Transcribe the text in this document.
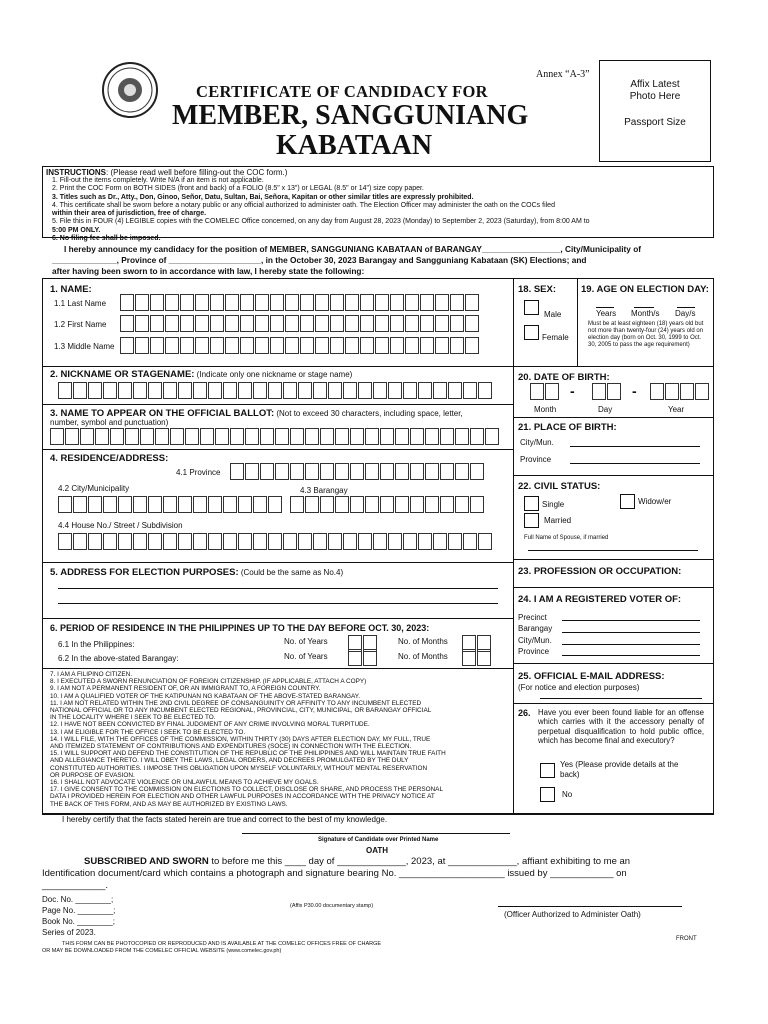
Annex “A-3”
CERTIFICATE OF CANDIDACY FOR
MEMBER, SANGGUNIANG
KABATAAN
Affix Latest
Photo Here
Passport Size
INSTRUCTIONS: (Please read well before filling-out the COC form.)
1. Fill-out the items completely. Write N/A if an item is not applicable.
2. Print the COC Form on BOTH SIDES (front and back) of a FOLIO (8.5" x 13") or LEGAL (8.5" or 14") size copy paper.
3. Titles such as Dr., Atty., Don, Ginoo, Señor, Datu, Sultan, Bai, Señora, Kapitan or other similar titles are expressly prohibited.
4. This certificate shall be sworn before a notary public or any official authorized to administer oath. The Election Officer may administer the oath on the COCs filed
within their area of jurisdiction, free of charge.
5. File this in FOUR (4) LEGIBLE copies with the COMELEC Office concerned, on any day from August 28, 2023 (Monday) to September 2, 2023 (Saturday), from 8:00 AM to
5:00 PM ONLY.
6. No filing fee shall be imposed.
I hereby announce my candidacy for the position of MEMBER, SANGGUNIANG KABATAAN of BARANGAY_________________, City/Municipality of
______________, Province of ____________________, in the October 30, 2023 Barangay and Sangguniang Kabataan (SK) Elections; and
after having been sworn to in accordance with law, I hereby state the following:
1. NAME:
1.1 Last Name
1.2 First Name
1.3 Middle Name
2. NICKNAME OR STAGENAME: (Indicate only one nickname or stage name)
3. NAME TO APPEAR ON THE OFFICIAL BALLOT: (Not to exceed 30 characters, including space, letter,
number, symbol and punctuation)
4. RESIDENCE/ADDRESS:
4.1 Province
4.2 City/Municipality	4.3 Barangay
4.4 House No./ Street / Subdivision
5. ADDRESS FOR ELECTION PURPOSES: (Could be the same as No.4)
6. PERIOD OF RESIDENCE IN THE PHILIPPINES UP TO THE DAY BEFORE OCT. 30, 2023:
6.1 In the Philippines:	No. of Years	No. of Months
6.2 In the above-stated Barangay:	No. of Years	No. of Months
7. I AM A FILIPINO CITIZEN.
8. I EXECUTED A SWORN RENUNCIATION OF FOREIGN CITIZENSHIP. (IF APPLICABLE, ATTACH A COPY)
9. I AM NOT A PERMANENT RESIDENT OF, OR AN IMMIGRANT TO, A FOREIGN COUNTRY.
10. I AM A QUALIFIED VOTER OF THE KATIPUNAN NG KABATAAN OF THE ABOVE-STATED BARANGAY.
11. I AM NOT RELATED WITHIN THE 2ND CIVIL DEGREE OF CONSANGUINITY OR AFFINITY TO ANY INCUMBENT ELECTED
NATIONAL OFFICIAL OR TO ANY INCUMBENT ELECTED REGIONAL, PROVINCIAL, CITY, MUNICIPAL, OR BARANGAY OFFICIAL
IN THE LOCALITY WHERE I SEEK TO BE ELECTED TO.
12. I HAVE NOT BEEN CONVICTED BY FINAL JUDGMENT OF ANY CRIME INVOLVING MORAL TURPITUDE.
13. I AM ELIGIBLE FOR THE OFFICE I SEEK TO BE ELECTED TO.
14. I WILL FILE, WITH THE OFFICES OF THE COMMISSION, WITHIN THIRTY (30) DAYS AFTER ELECTION DAY, MY FULL, TRUE
AND ITEMIZED STATEMENT OF CONTRIBUTIONS AND EXPENDITURES (SOCE) IN CONNECTION WITH THE ELECTION.
15. I WILL SUPPORT AND DEFEND THE CONSTITUTION OF THE REPUBLIC OF THE PHILIPPINES AND WILL MAINTAIN TRUE FAITH
AND ALLEGIANCE THERETO. I WILL OBEY THE LAWS, LEGAL ORDERS, AND DECREES PROMULGATED BY THE DULY
CONSTITUTED AUTHORITIES. I IMPOSE THIS OBLIGATION UPON MYSELF VOLUNTARILY, WITHOUT MENTAL RESERVATION
OR PURPOSE OF EVASION.
16. I SHALL NOT ADVOCATE VIOLENCE OR UNLAWFUL MEANS TO ACHIEVE MY GOALS.
17. I GIVE CONSENT TO THE COMMISSION ON ELECTIONS TO COLLECT, DISCLOSE OR SHARE, AND PROCESS THE PERSONAL
DATA I PROVIDED HEREIN FOR ELECTION AND OTHER LAWFUL PURPOSES IN ACCORDANCE WITH THE PRIVACY NOTICE AT
THE BACK OF THIS FORM, AND AS MAY BE AUTHORIZED BY EXISTING LAWS.
18. SEX:
Male
Female
19. AGE ON ELECTION DAY:
Years Month/s Day/s
Must be at least eighteen (18) years old but not more than twenty-four (24) years old on election day (born on Oct. 30, 1999 to Oct. 30, 2005 to pass the age requirement)
20. DATE OF BIRTH:
-	-
Month	Day	Year
21. PLACE OF BIRTH:
City/Mun.
Province
22. CIVIL STATUS:
Single	Widow/er
Married
Full Name of Spouse, if married
23. PROFESSION OR OCCUPATION:
24. I AM A REGISTERED VOTER OF:
Precinct
Barangay
City/Mun.
Province
25. OFFICIAL E-MAIL ADDRESS:
(For notice and election purposes)
26. Have you ever been found liable for an offense which carries with it the accessory penalty of perpetual disqualification to hold public office, which has become final and executory?
Yes (Please provide details at the back)
No
I hereby certify that the facts stated herein are true and correct to the best of my knowledge.
Signature of Candidate over Printed Name
OATH
SUBSCRIBED AND SWORN to before me this ____ day of _____________, 2023, at _____________, affiant exhibiting to me an
Identification document/card which contains a photograph and signature bearing No. ____________________ issued by ____________ on
____________.
Doc. No. ________;
Page No. ________;
Book No. ________;
Series of 2023.
(Affix P30.00 documentary stamp)
(Officer Authorized to Administer Oath)
THIS FORM CAN BE PHOTOCOPIED OR REPRODUCED AND IS AVAILABLE AT THE COMELEC OFFICES FREE OF CHARGE
OR MAY BE DOWNLOADED FROM THE COMELEC OFFICIAL WEBSITE (www.comelec.gov.ph)
FRONT
